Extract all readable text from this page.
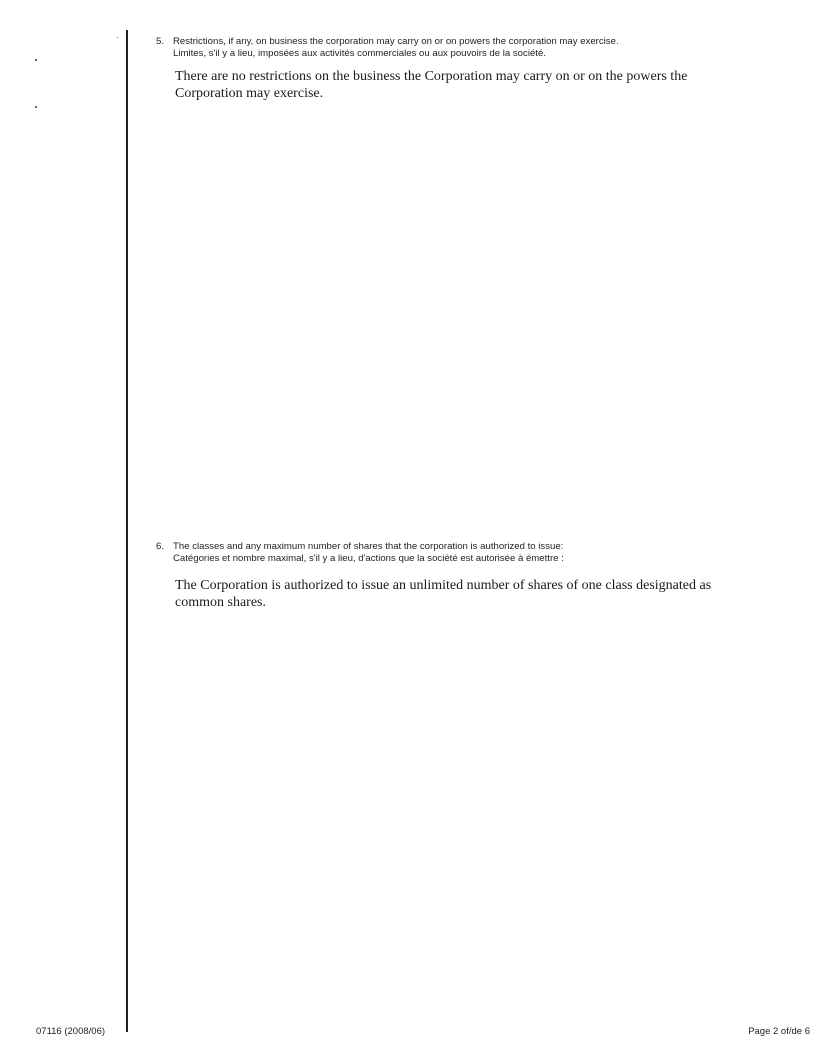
5. Restrictions, if any, on business the corporation may carry on or on powers the corporation may exercise.
Limites, s'il y a lieu, imposées aux activités commerciales ou aux pouvoirs de la société.
There are no restrictions on the business the Corporation may carry on or on the powers the Corporation may exercise.
6. The classes and any maximum number of shares that the corporation is authorized to issue:
Catégories et nombre maximal, s'il y a lieu, d'actions que la société est autorisée à émettre :
The Corporation is authorized to issue an unlimited number of shares of one class designated as common shares.
07116 (2008/06)	Page 2 of/de 6
